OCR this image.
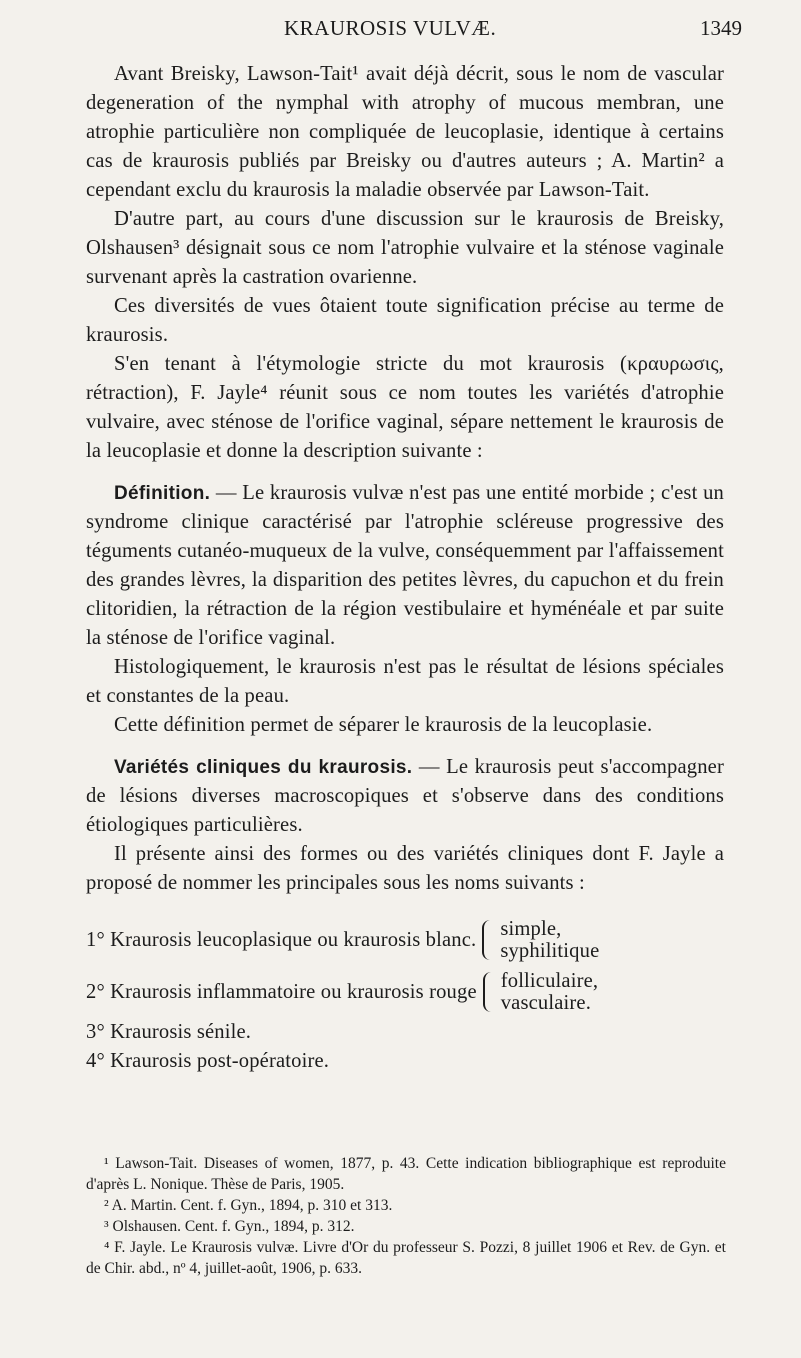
KRAUROSIS VULVÆ.	1349

Avant Breisky, Lawson-Tait¹ avait déjà décrit, sous le nom de vascular degeneration of the nymphal with atrophy of mucous membran, une atrophie particulière non compliquée de leucoplasie, identique à certains cas de kraurosis publiés par Breisky ou d'autres auteurs ; A. Martin² a cependant exclu du kraurosis la maladie observée par Lawson-Tait.

D'autre part, au cours d'une discussion sur le kraurosis de Breisky, Olshausen³ désignait sous ce nom l'atrophie vulvaire et la sténose vaginale survenant après la castration ovarienne.

Ces diversités de vues ôtaient toute signification précise au terme de kraurosis.

S'en tenant à l'étymologie stricte du mot kraurosis (κραυρωσις, rétraction), F. Jayle⁴ réunit sous ce nom toutes les variétés d'atrophie vulvaire, avec sténose de l'orifice vaginal, sépare nettement le kraurosis de la leucoplasie et donne la description suivante :

Définition. — Le kraurosis vulvæ n'est pas une entité morbide ; c'est un syndrome clinique caractérisé par l'atrophie scléreuse progressive des téguments cutanéo-muqueux de la vulve, conséquemment par l'affaissement des grandes lèvres, la disparition des petites lèvres, du capuchon et du frein clitoridien, la rétraction de la région vestibulaire et hyménéale et par suite la sténose de l'orifice vaginal.

Histologiquement, le kraurosis n'est pas le résultat de lésions spéciales et constantes de la peau.

Cette définition permet de séparer le kraurosis de la leucoplasie.

Variétés cliniques du kraurosis. — Le kraurosis peut s'accompagner de lésions diverses macroscopiques et s'observe dans des conditions étiologiques particulières.

Il présente ainsi des formes ou des variétés cliniques dont F. Jayle a proposé de nommer les principales sous les noms suivants :

1° Kraurosis leucoplasique ou kraurosis blanc. simple,
syphilitique
2° Kraurosis inflammatoire ou kraurosis rouge folliculaire,
vasculaire.
3° Kraurosis sénile.
4° Kraurosis post-opératoire.

¹ Lawson-Tait. Diseases of women, 1877, p. 43. Cette indication bibliographique est reproduite d'après L. Nonique. Thèse de Paris, 1905.

² A. Martin. Cent. f. Gyn., 1894, p. 310 et 313.

³ Olshausen. Cent. f. Gyn., 1894, p. 312.

⁴ F. Jayle. Le Kraurosis vulvæ. Livre d'Or du professeur S. Pozzi, 8 juillet 1906 et Rev. de Gyn. et de Chir. abd., nº 4, juillet-août, 1906, p. 633.
